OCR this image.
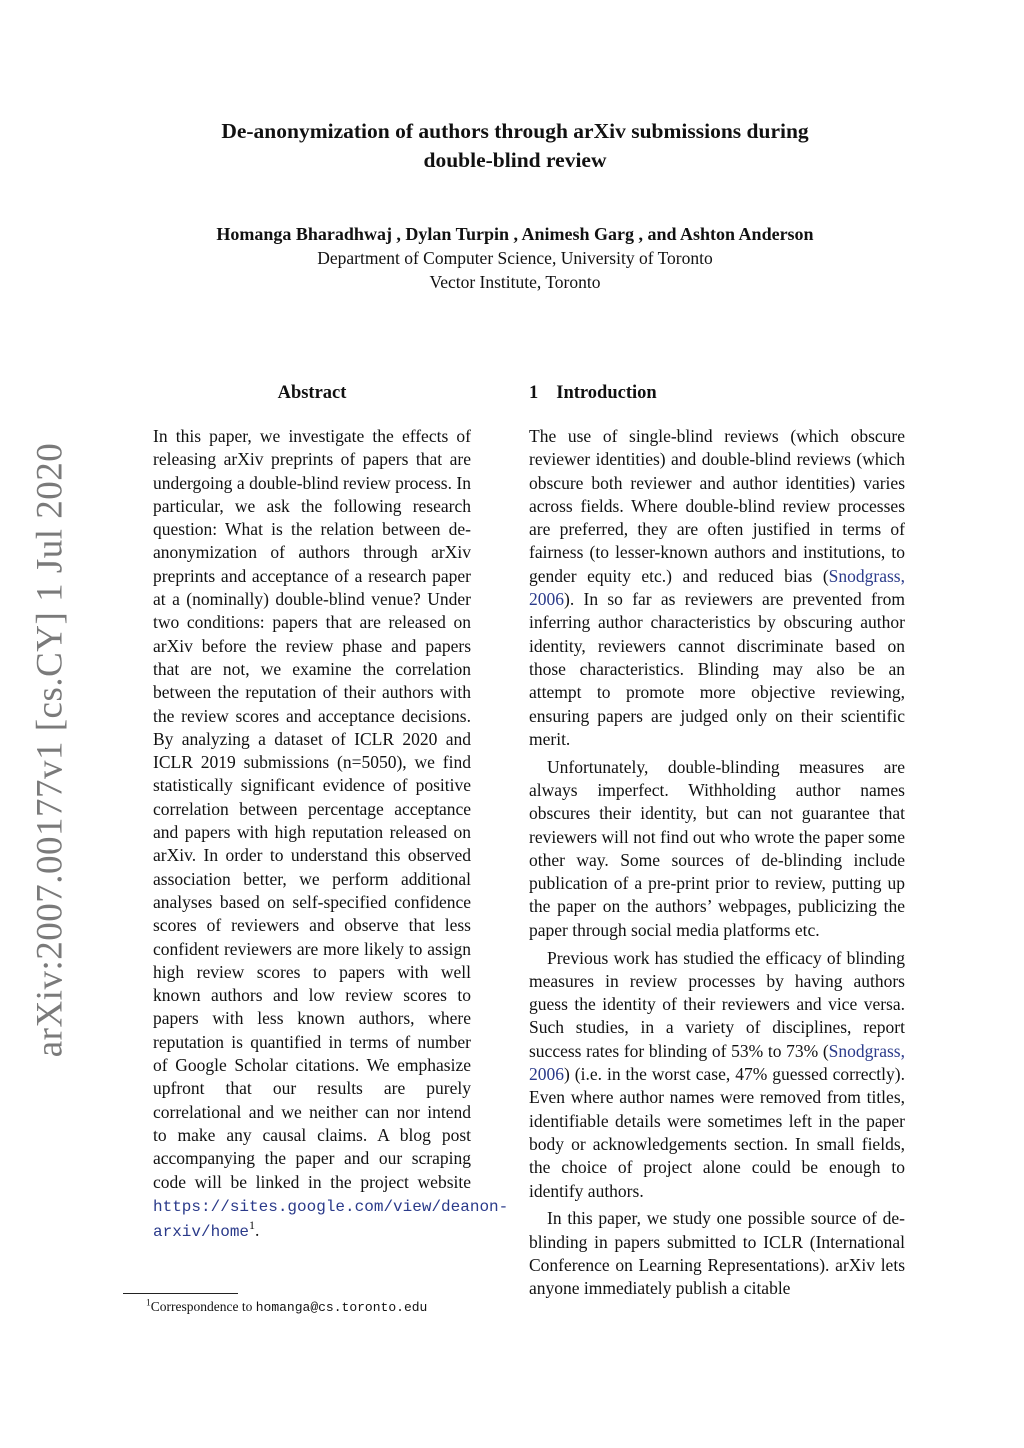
De-anonymization of authors through arXiv submissions during
double-blind review
Homanga Bharadhwaj , Dylan Turpin , Animesh Garg , and Ashton Anderson
Department of Computer Science, University of Toronto
Vector Institute, Toronto
arXiv:2007.00177v1 [cs.CY] 1 Jul 2020
Abstract	1 Introduction

In this paper, we investigate the effects of releasing arXiv preprints of papers that are undergoing a double-blind review process. In particular, we ask the following research question: What is the relation between de-anonymization of authors through arXiv preprints and acceptance of a research paper at a (nominally) double-blind venue? Under two conditions: papers that are released on arXiv before the review phase and papers that are not, we examine the correlation between the reputation of their authors with the review scores and acceptance decisions. By analyzing a dataset of ICLR 2020 and ICLR 2019 submissions (n=5050), we find statistically significant evidence of positive correlation between percentage acceptance and papers with high reputation released on arXiv. In order to understand this observed association better, we perform additional analyses based on self-specified confidence scores of reviewers and observe that less confident reviewers are more likely to assign high review scores to papers with well known authors and low review scores to papers with less known authors, where reputation is quantified in terms of number of Google Scholar citations. We emphasize upfront that our results are purely correlational and we neither can nor intend to make any causal claims. A blog post accompanying the paper and our scraping code will be linked in the project website https://sites.google.com/view/deanon-arxiv/home$^1$.

$^1$Correspondence to homanga@cs.toronto.edu

The use of single-blind reviews (which obscure reviewer identities) and double-blind reviews (which obscure both reviewer and author identities) varies across fields. Where double-blind review processes are preferred, they are often justified in terms of fairness (to lesser-known authors and institutions, to gender equity etc.) and reduced bias (Snodgrass, 2006). In so far as reviewers are prevented from inferring author characteristics by obscuring author identity, reviewers cannot discriminate based on those characteristics. Blinding may also be an attempt to promote more objective reviewing, ensuring papers are judged only on their scientific merit.

Unfortunately, double-blinding measures are always imperfect. Withholding author names obscures their identity, but can not guarantee that reviewers will not find out who wrote the paper some other way. Some sources of de-blinding include publication of a pre-print prior to review, putting up the paper on the authors’ webpages, publicizing the paper through social media platforms etc.

Previous work has studied the efficacy of blinding measures in review processes by having authors guess the identity of their reviewers and vice versa. Such studies, in a variety of disciplines, report success rates for blinding of 53% to 73% (Snodgrass, 2006) (i.e. in the worst case, 47% guessed correctly). Even where author names were removed from titles, identifiable details were sometimes left in the paper body or acknowledgements section. In small fields, the choice of project alone could be enough to identify authors.

In this paper, we study one possible source of de-blinding in papers submitted to ICLR (International Conference on Learning Representations). arXiv lets anyone immediately publish a citable
